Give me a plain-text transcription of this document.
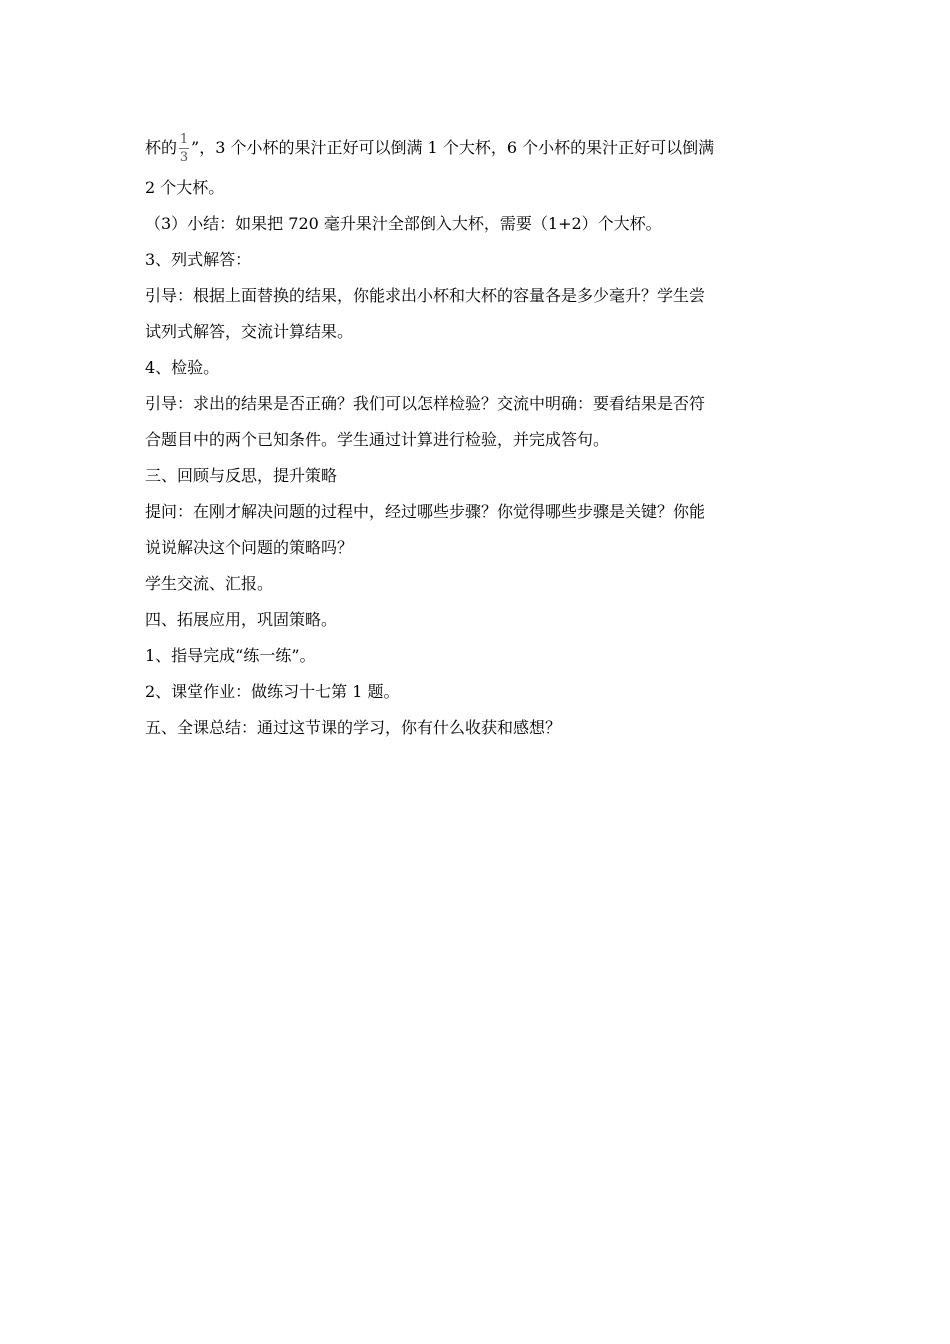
杯的 $\frac{1}{3}$ ”，3 个小杯的果汁正好可以倒满 1 个大杯，6 个小杯的果汁正好可以倒满
2 个大杯。
（3）小结：如果把 720 毫升果汁全部倒入大杯，需要（1+2）个大杯。
3、列式解答：
引导：根据上面替换的结果，你能求出小杯和大杯的容量各是多少毫升？学生尝
试列式解答，交流计算结果。
4、检验。
引导：求出的结果是否正确？我们可以怎样检验？交流中明确：要看结果是否符
合题目中的两个已知条件。学生通过计算进行检验，并完成答句。
三、回顾与反思，提升策略
提问：在刚才解决问题的过程中，经过哪些步骤？你觉得哪些步骤是关键？你能
说说解决这个问题的策略吗？
学生交流、汇报。
四、拓展应用，巩固策略。
1、指导完成“练一练”。
2、课堂作业：做练习十七第 1 题。
五、全课总结：通过这节课的学习，你有什么收获和感想？
